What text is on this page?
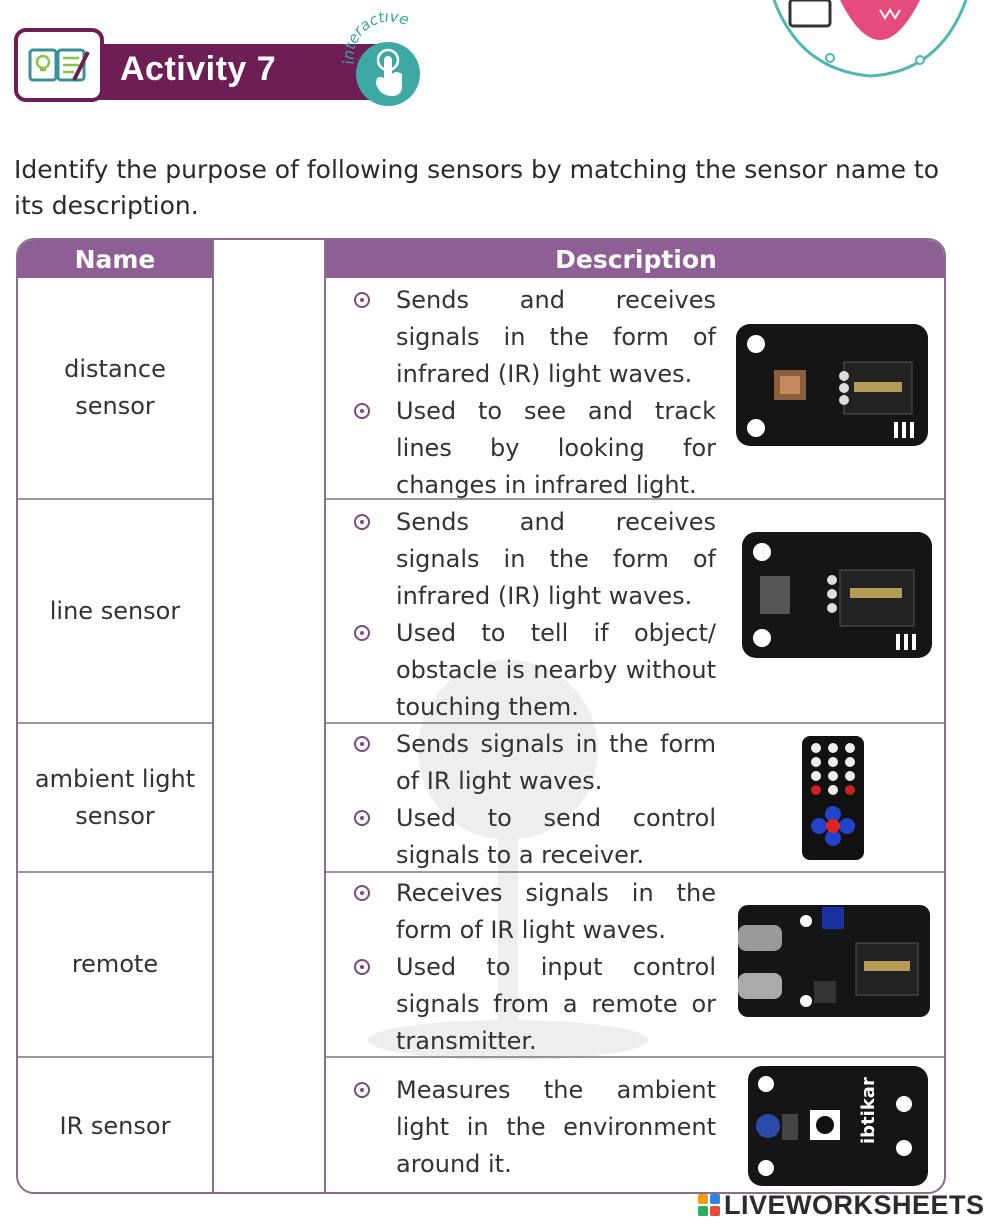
Activity 7	interactive
Identify the purpose of following sensors by matching the sensor name to its description.
Name	Description
distance sensor
line sensor
ambient light sensor
remote
IR sensor
Sends and receives signals in the form of infrared (IR) light waves.
Used to see and track lines by looking for changes in infrared light.
Sends and receives signals in the form of infrared (IR) light waves.
Used to tell if object/ obstacle is nearby without touching them.
Sends signals in the form of IR light waves.
Used to send control signals to a receiver.
Receives signals in the form of IR light waves.
Used to input control signals from a remote or transmitter.
Measures the ambient light in the environment around it.
ibtikar
LIVEWORKSHEETS
